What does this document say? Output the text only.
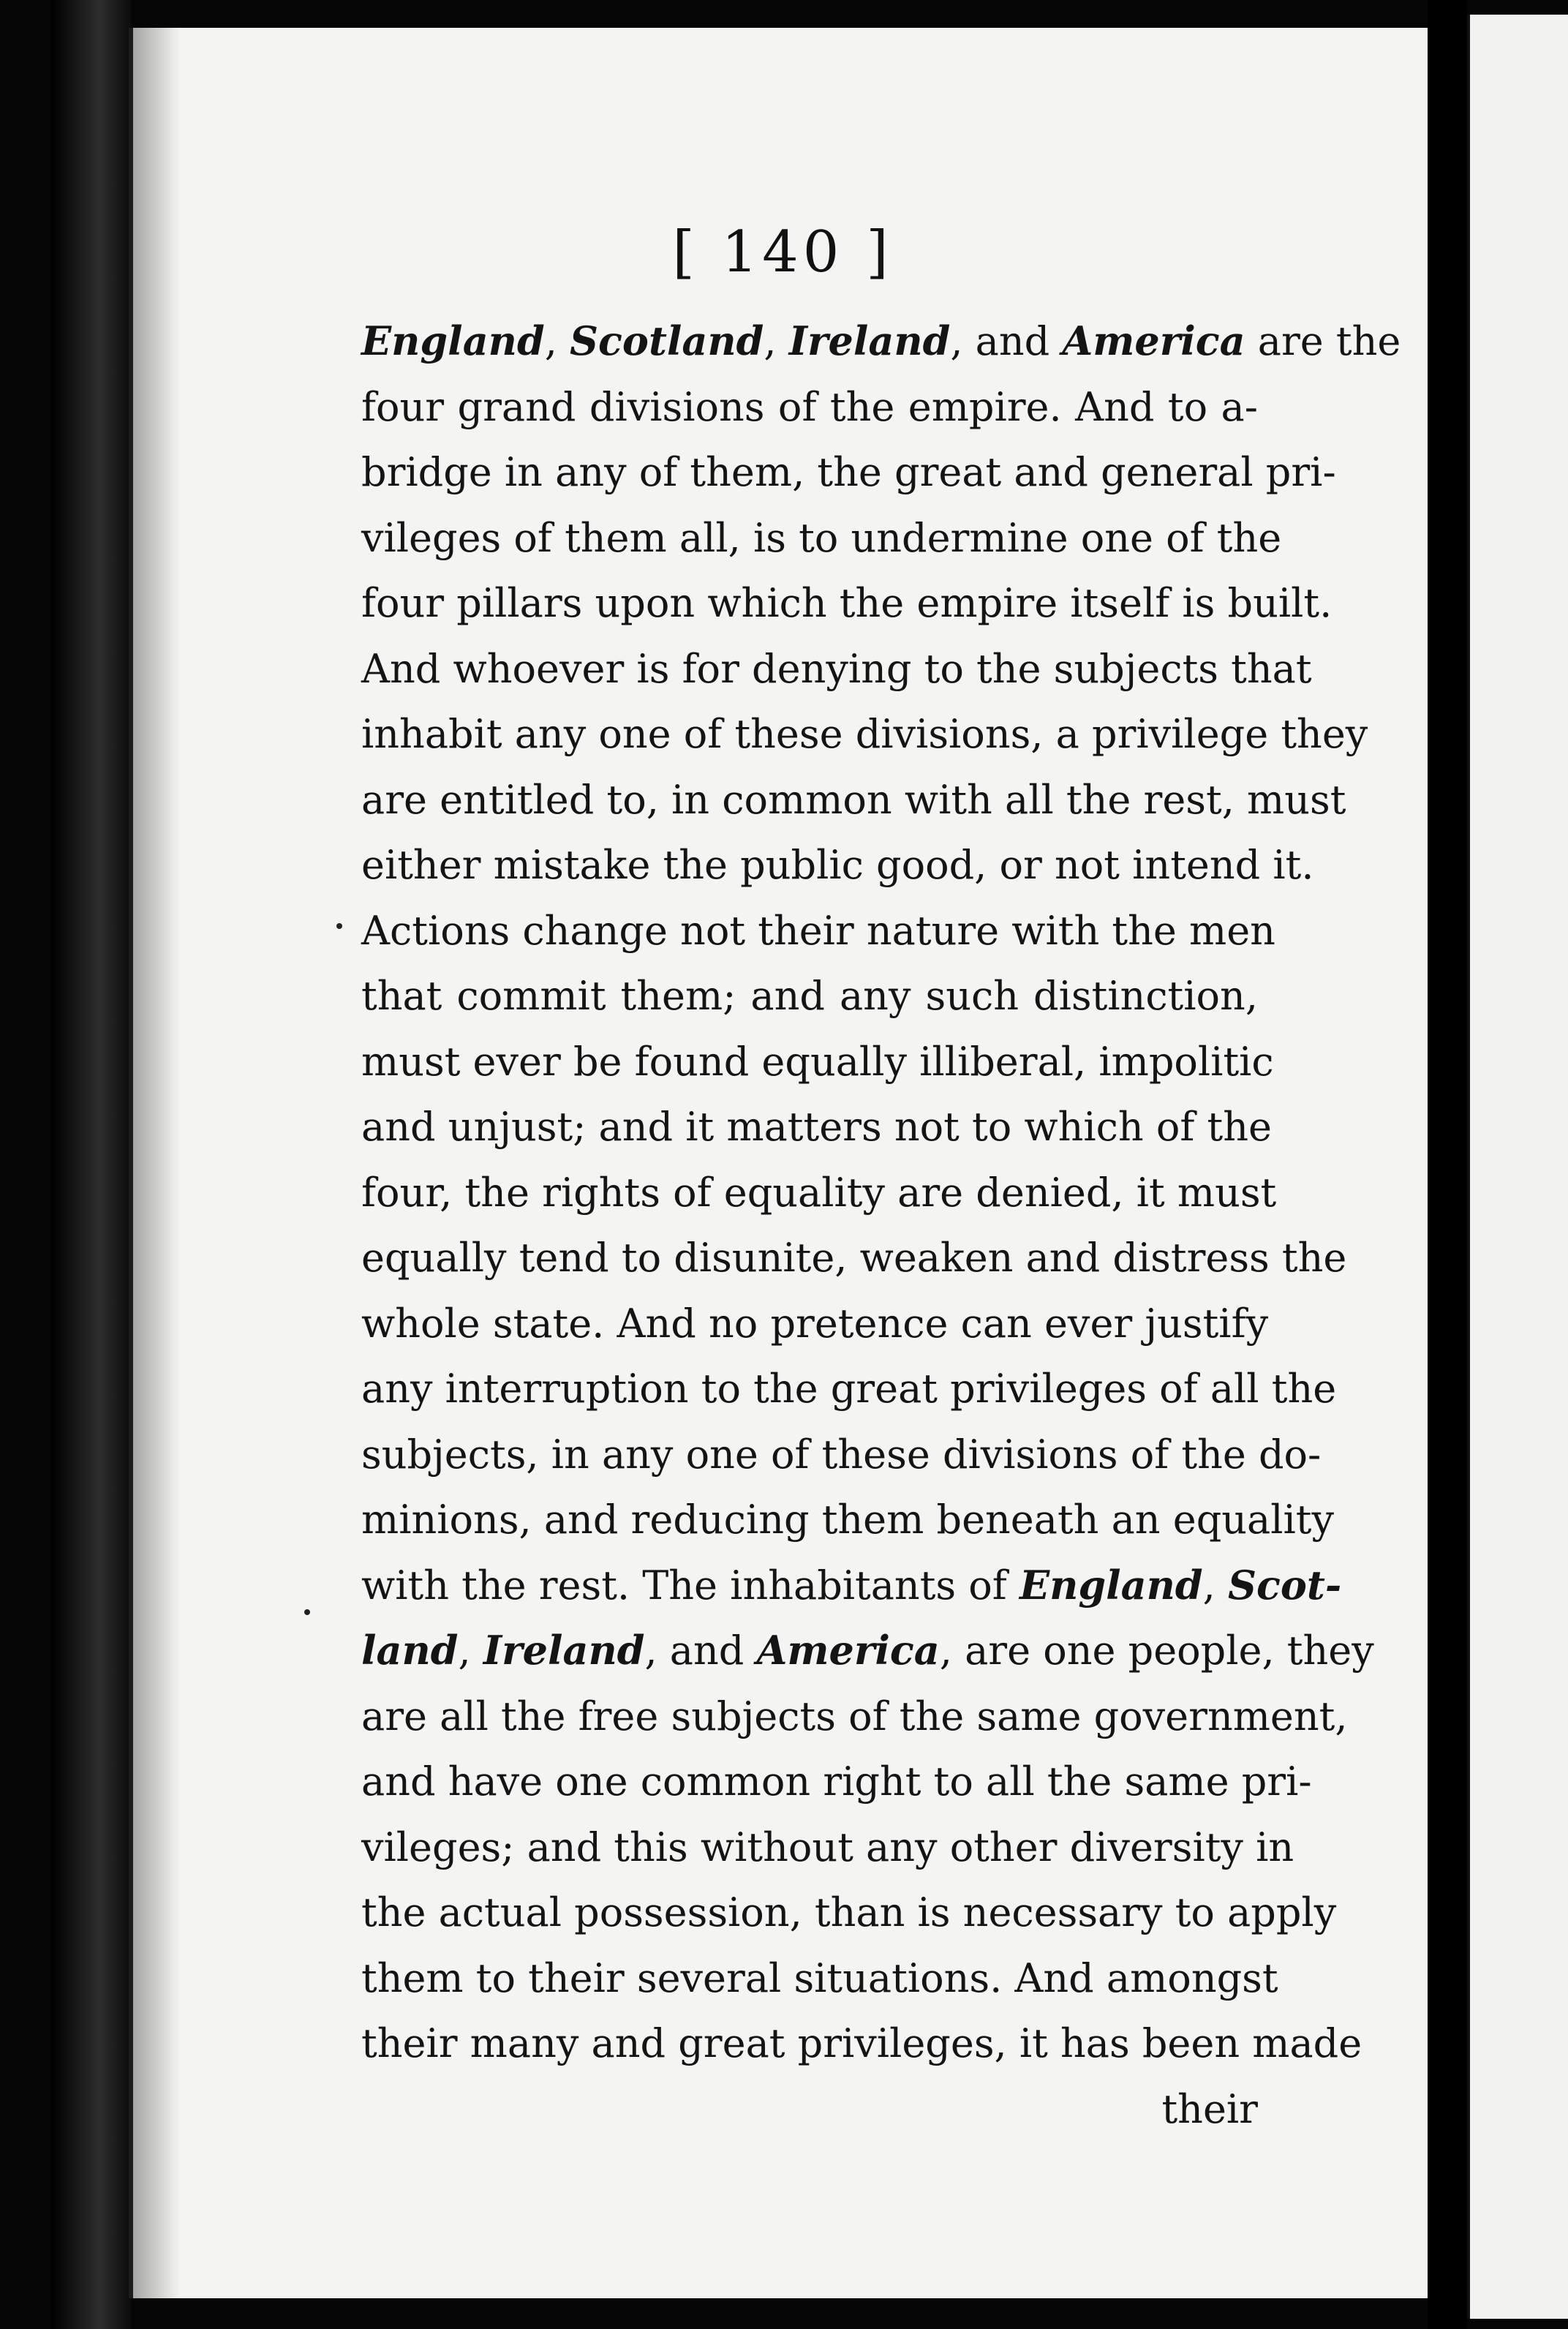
[ 140 ]
England, Scotland, Ireland, and America are the
four grand divisions of the empire. And to a-
bridge in any of them, the great and general pri-
vileges of them all, is to undermine one of the
four pillars upon which the empire itself is built.
And whoever is for denying to the subjects that
inhabit any one of these divisions, a privilege they
are entitled to, in common with all the rest, must
either mistake the public good, or not intend it.
Actions change not their nature with the men
that commit them; and any such distinction,
must ever be found equally illiberal, impolitic
and unjust; and it matters not to which of the
four, the rights of equality are denied, it must
equally tend to disunite, weaken and distress the
whole state. And no pretence can ever justify
any interruption to the great privileges of all the
subjects, in any one of these divisions of the do-
minions, and reducing them beneath an equality
with the rest. The inhabitants of England, Scot-
land, Ireland, and America, are one people, they
are all the free subjects of the same government,
and have one common right to all the same pri-
vileges; and this without any other diversity in
the actual possession, than is necessary to apply
them to their several situations. And amongst
their many and great privileges, it has been made
their
